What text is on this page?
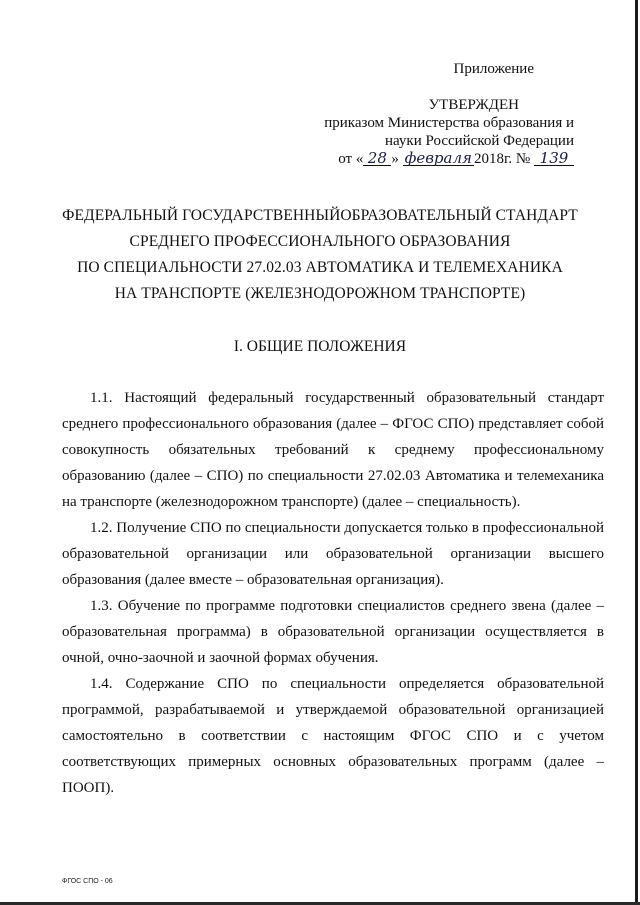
Приложение
УТВЕРЖДЕН
приказом Министерства образования и
науки Российской Федерации
от « 28 »
февраля 2018г. №
139
ФЕДЕРАЛЬНЫЙ ГОСУДАРСТВЕННЫЙОБРАЗОВАТЕЛЬНЫЙ СТАНДАРТ
СРЕДНЕГО ПРОФЕССИОНАЛЬНОГО ОБРАЗОВАНИЯ
ПО СПЕЦИАЛЬНОСТИ 27.02.03 АВТОМАТИКА И ТЕЛЕМЕХАНИКА
НА ТРАНСПОРТЕ (ЖЕЛЕЗНОДОРОЖНОМ ТРАНСПОРТЕ)
I. ОБЩИЕ ПОЛОЖЕНИЯ

1.1. Настоящий федеральный государственный образовательный стандарт среднего профессионального образования (далее – ФГОС СПО) представляет собой совокупность обязательных требований к среднему профессиональному образованию (далее – СПО) по специальности 27.02.03 Автоматика и телемеханика на транспорте (железнодорожном транспорте) (далее – специальность).

1.2. Получение СПО по специальности допускается только в профессиональной образовательной организации или образовательной организации высшего образования (далее вместе – образовательная организация).

1.3. Обучение по программе подготовки специалистов среднего звена (далее – образовательная программа) в образовательной организации осуществляется в очной, очно-заочной и заочной формах обучения.

1.4. Содержание СПО по специальности определяется образовательной программой, разрабатываемой и утверждаемой образовательной организацией самостоятельно в соответствии с настоящим ФГОС СПО и с учетом соответствующих примерных основных образовательных программ (далее – ПООП).

ФГОС СПО - 06
